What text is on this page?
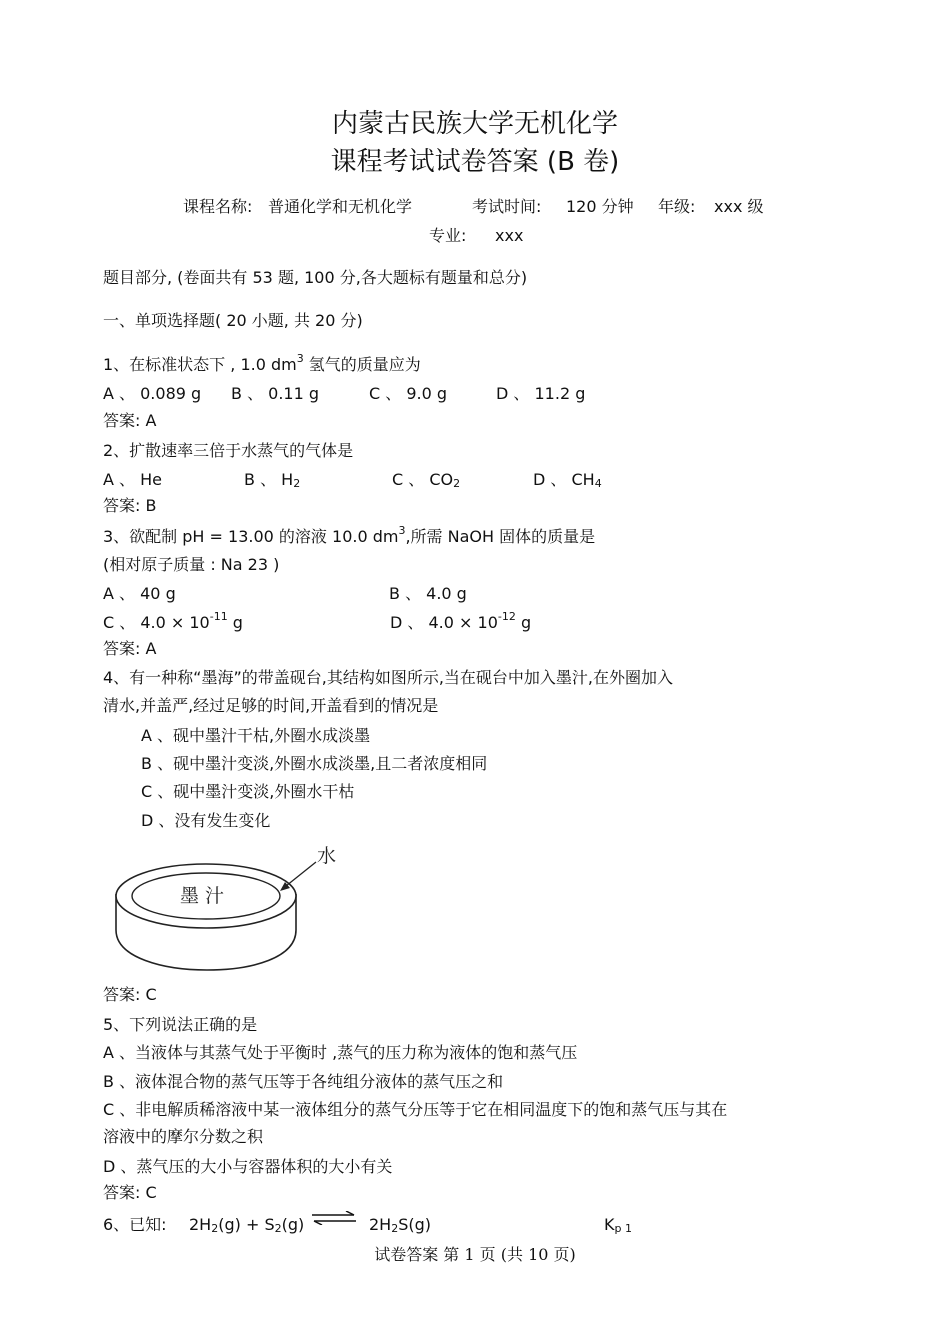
内蒙古民族大学无机化学
课程考试试卷答案 (B 卷)
课程名称: 普通化学和无机化学	考试时间: 120 分钟 年级: xxx 级
专业: xxx
题目部分, (卷面共有 53 题, 100 分,各大题标有题量和总分)
一、单项选择题( 20 小题, 共 20 分)
1、在标准状态下 , 1.0 $dm^3$ 氢气的质量应为
A 、 0.089 g B 、 0.11 g	C 、 9.0 g	D 、 11.2 g
答案: A
2、扩散速率三倍于水蒸气的气体是
A 、 He	B 、 H2	C 、 CO2	D 、 CH4
答案: B
3、欲配制 pH = 13.00 的溶液 10.0 $dm^3$,所需 NaOH 固体的质量是
(相对原子质量 : Na 23 )
A 、 40 g	B 、 4.0 g
C 、 $4.0 \times 10^{-11}$ g	D 、 $4.0 \times 10^{-12}$ g
答案: A
4、有一种称“墨海”的带盖砚台,其结构如图所示,当在砚台中加入墨汁,在外圈加入
清水,并盖严,经过足够的时间,开盖看到的情况是
A 、砚中墨汁干枯,外圈水成淡墨
B 、砚中墨汁变淡,外圈水成淡墨,且二者浓度相同
C 、砚中墨汁变淡,外圈水干枯
D 、没有发生变化
墨 汁
水
答案: C
5、下列说法正确的是
A 、当液体与其蒸气处于平衡时 ,蒸气的压力称为液体的饱和蒸气压
B 、液体混合物的蒸气压等于各纯组分液体的蒸气压之和
C 、非电解质稀溶液中某一液体组分的蒸气分压等于它在相同温度下的饱和蒸气压与其在
溶液中的摩尔分数之积
D 、蒸气压的大小与容器体积的大小有关
答案: C
6、已知: 2H2(g) + S2(g) ⇌ 2H2S(g)	Kp 1
试卷答案 第 1 页 (共 10 页)
